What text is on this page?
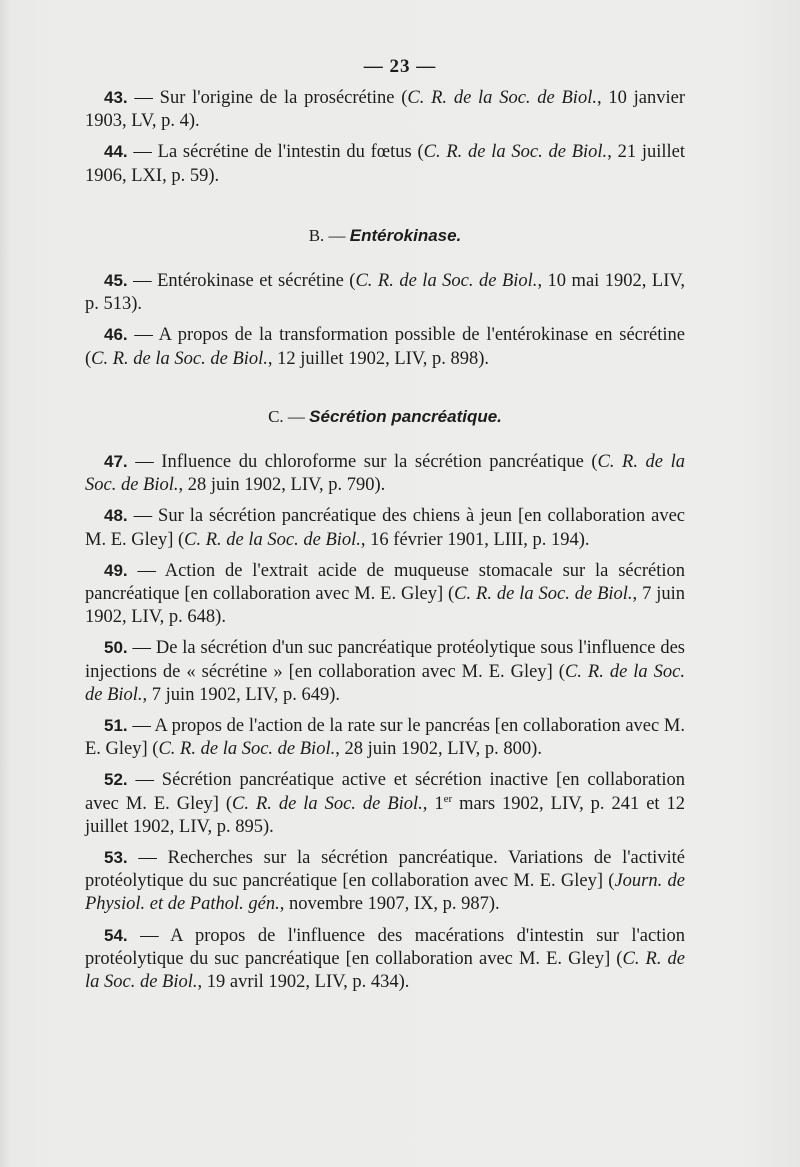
— 23 —

43. — Sur l'origine de la prosécrétine (C. R. de la Soc. de Biol., 10 janvier 1903, LV, p. 4).

44. — La sécrétine de l'intestin du fœtus (C. R. de la Soc. de Biol., 21 juillet 1906, LXI, p. 59).

B. — Entérokinase.

45. — Entérokinase et sécrétine (C. R. de la Soc. de Biol., 10 mai 1902, LIV, p. 513).

46. — A propos de la transformation possible de l'entérokinase en sécrétine (C. R. de la Soc. de Biol., 12 juillet 1902, LIV, p. 898).

C. — Sécrétion pancréatique.

47. — Influence du chloroforme sur la sécrétion pancréatique (C. R. de la Soc. de Biol., 28 juin 1902, LIV, p. 790).

48. — Sur la sécrétion pancréatique des chiens à jeun [en collaboration avec M. E. Gley] (C. R. de la Soc. de Biol., 16 février 1901, LIII, p. 194).

49. — Action de l'extrait acide de muqueuse stomacale sur la sécrétion pancréatique [en collaboration avec M. E. Gley] (C. R. de la Soc. de Biol., 7 juin 1902, LIV, p. 648).

50. — De la sécrétion d'un suc pancréatique protéolytique sous l'influence des injections de « sécrétine » [en collaboration avec M. E. Gley] (C. R. de la Soc. de Biol., 7 juin 1902, LIV, p. 649).

51. — A propos de l'action de la rate sur le pancréas [en collaboration avec M. E. Gley] (C. R. de la Soc. de Biol., 28 juin 1902, LIV, p. 800).

52. — Sécrétion pancréatique active et sécrétion inactive [en collaboration avec M. E. Gley] (C. R. de la Soc. de Biol., 1er mars 1902, LIV, p. 241 et 12 juillet 1902, LIV, p. 895).

53. — Recherches sur la sécrétion pancréatique. Variations de l'activité protéolytique du suc pancréatique [en collaboration avec M. E. Gley] (Journ. de Physiol. et de Pathol. gén., novembre 1907, IX, p. 987).

54. — A propos de l'influence des macérations d'intestin sur l'action protéolytique du suc pancréatique [en collaboration avec M. E. Gley] (C. R. de la Soc. de Biol., 19 avril 1902, LIV, p. 434).
